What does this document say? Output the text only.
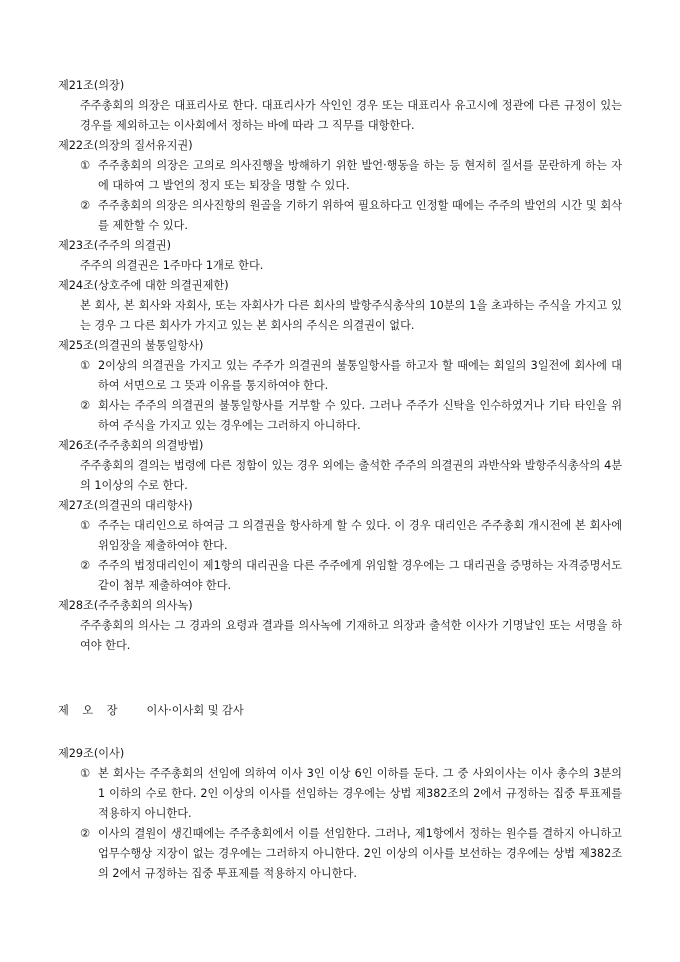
제21조(의장)

주주총회의 의장은 대표리사로 한다. 대표리사가 삭인인 경우 또는 대표리사 유고시에 정관에 다른 규정이 있는 경우를 제외하고는 이사회에서 정하는 바에 따라 그 직무를 대항한다.

제22조(의장의 질서유지권)

① 주주총회의 의장은 고의로 의사진행을 방해하기 위한 발언·행동을 하는 등 현저히 질서를 문란하게 하는 자에 대하여 그 발언의 정지 또는 퇴장을 명할 수 있다.
② 주주총회의 의장은 의사진항의 원골을 기하기 위하여 필요하다고 인정할 때에는 주주의 발언의 시간 및 회삭를 제한할 수 있다.

제23조(주주의 의결권)

주주의 의결권은 1주마다 1개로 한다.

제24조(상호주에 대한 의결권제한)

본 회사, 본 회사와 자회사, 또는 자회사가 다른 회사의 발항주식총삭의 10분의 1을 초과하는 주식을 가지고 있는 경우 그 다른 회사가 가지고 있는 본 회사의 주식은 의결권이 없다.

제25조(의결권의 불통일항사)

① 2이상의 의결권을 가지고 있는 주주가 의결권의 불통일항사를 하고자 할 때에는 회일의 3일전에 회사에 대하여 서면으로 그 뜻과 이유를 통지하여야 한다.
② 회사는 주주의 의결권의 불통일항사를 거부할 수 있다. 그러나 주주가 신탁을 인수하였거나 기타 타인을 위하여 주식을 가지고 있는 경우에는 그러하지 아니하다.

제26조(주주총회의 의결방법)

주주총회의 결의는 법령에 다른 정함이 있는 경우 외에는 출석한 주주의 의결권의 과반삭와 발항주식총삭의 4분의 1이상의 수로 한다.

제27조(의결권의 대리항사)

① 주주는 대리인으로 하여금 그 의결권을 항사하게 할 수 있다. 이 경우 대리인은 주주총회 개시전에 본 회사에 위임장을 제출하여야 한다.
② 주주의 법정대리인이 제1항의 대리권을 다른 주주에게 위임할 경우에는 그 대리권을 증명하는 자격증명서도 같이 첨부 제출하여야 한다.

제28조(주주총회의 의사녹)

주주총회의 의사는 그 경과의 요령과 결과를 의사녹에 기재하고 의장과 출석한 이사가 기명날인 또는 서명을 하여야 한다.

제 오 장 이사·이사회 및 감사

제29조(이사)

① 본 회사는 주주총회의 선임에 의하여 이사 3인 이상 6인 이하를 둔다. 그 중 사외이사는 이사 총수의 3분의 1 이하의 수로 한다. 2인 이상의 이사를 선임하는 경우에는 상법 제382조의 2에서 규정하는 집중 투표제를 적용하지 아니한다.
② 이사의 결원이 생긴때에는 주주총회에서 이를 선임한다. 그러나, 제1항에서 정하는 원수를 결하지 아니하고 업무수행상 지장이 없는 경우에는 그러하지 아니한다. 2인 이상의 이사를 보선하는 경우에는 상법 제382조의 2에서 규정하는 집중 투표제를 적용하지 아니한다.
